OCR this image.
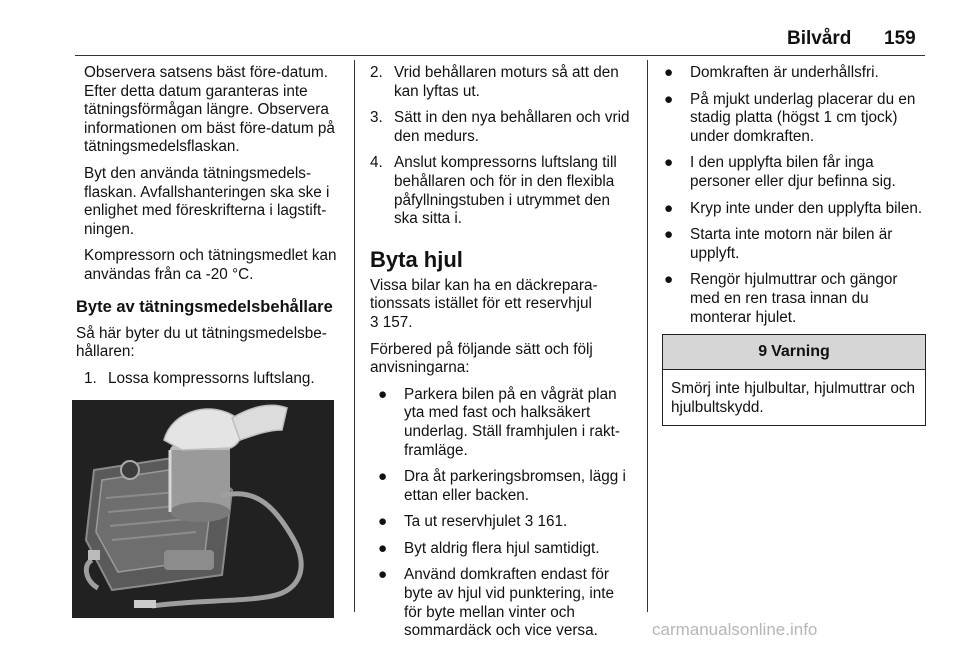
Bilvård 159

Observera satsens bäst före-datum. Efter detta datum garanteras inte tätningsförmågan längre. Observera informationen om bäst före-datum på tätningsmedelsflaskan.

Byt den använda tätningsmedels-flaskan. Avfallshanteringen ska ske i enlighet med föreskrifterna i lagstift-ningen.

Kompressorn och tätningsmedlet kan användas från ca -20 °C.

Byte av tätningsmedelsbehållare

Så här byter du ut tätningsmedelsbe-hållaren:

1. Lossa kompressorns luftslang.
2. Vrid behållaren moturs så att den kan lyftas ut.
3. Sätt in den nya behållaren och vrid den medurs.
4. Anslut kompressorns luftslang till behållaren och för in den flexibla påfyllningstuben i utrymmet den ska sitta i.
Byta hjul

Vissa bilar kan ha en däckrepara-tionssats istället för ett reservhjul
3 157.

Förbered på följande sätt och följ anvisningarna:

●	Parkera bilen på en vågrät plan yta med fast och halksäkert underlag. Ställ framhjulen i rakt-framläge.
●	Dra åt parkeringsbromsen, lägg i ettan eller backen.
●	Ta ut reservhjulet 3 161.
●	Byt aldrig flera hjul samtidigt.
●	Använd domkraften endast för byte av hjul vid punktering, inte för byte mellan vinter och sommardäck och vice versa.
●	Domkraften är underhållsfri.
●	På mjukt underlag placerar du en stadig platta (högst 1 cm tjock) under domkraften.
●	I den upplyfta bilen får inga personer eller djur befinna sig.
●	Kryp inte under den upplyfta bilen.
●	Starta inte motorn när bilen är upplyft.
●	Rengör hjulmuttrar och gängor med en ren trasa innan du monterar hjulet.
9 Varning
Smörj inte hjulbultar, hjulmuttrar och hjulbultskydd.
carmanualsonline.info
